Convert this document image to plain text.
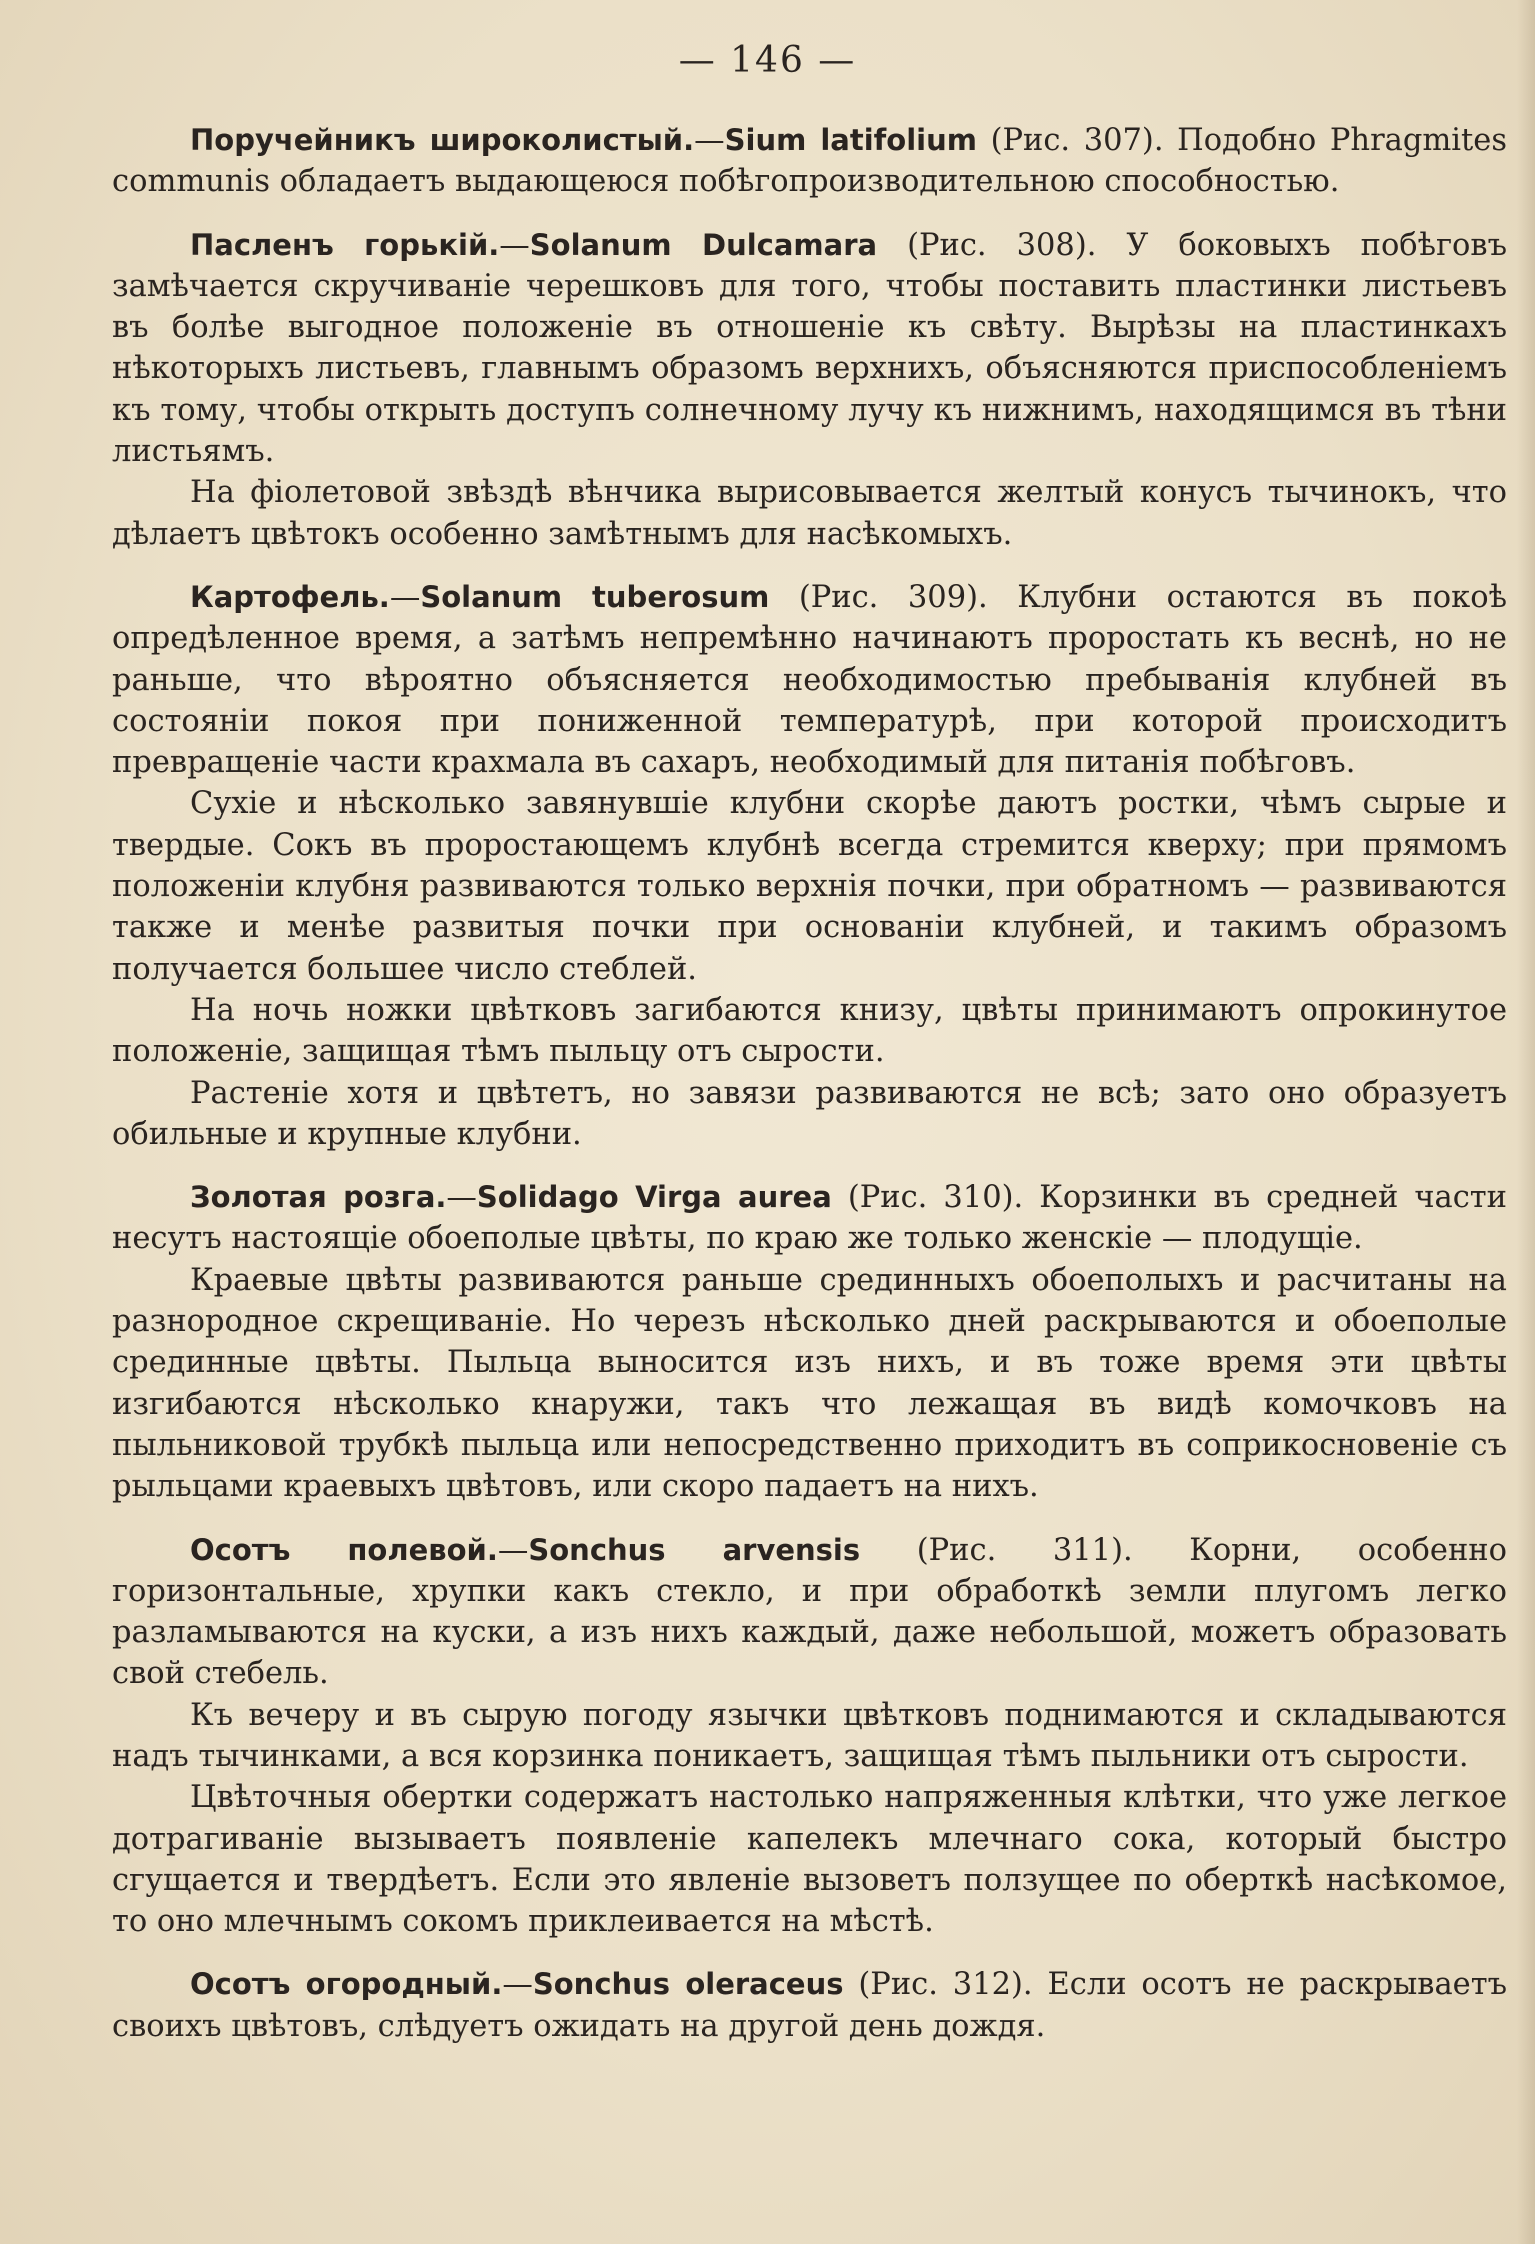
— 146 —

Поручейникъ широколистый.—Sium latifolium (Рис. 307). Подобно Phragmites communis обладаетъ выдающеюся побѣгопроизводительною способностью.

Пасленъ горькій.—Solanum Dulcamara (Рис. 308). У боковыхъ побѣговъ замѣчается скручиваніе черешковъ для того, чтобы поставить пластинки листьевъ въ болѣе выгодное положеніе въ отношеніе къ свѣту. Вырѣзы на пластинкахъ нѣкоторыхъ листьевъ, главнымъ образомъ верхнихъ, объясняются приспособленіемъ къ тому, чтобы открыть доступъ солнечному лучу къ нижнимъ, находящимся въ тѣни листьямъ.

На фіолетовой звѣздѣ вѣнчика вырисовывается желтый конусъ тычинокъ, что дѣлаетъ цвѣтокъ особенно замѣтнымъ для насѣкомыхъ.

Картофель.—Solanum tuberosum (Рис. 309). Клубни остаются въ покоѣ опредѣленное время, а затѣмъ непремѣнно начинаютъ проростать къ веснѣ, но не раньше, что вѣроятно объясняется необходимостью пребыванія клубней въ состояніи покоя при пониженной температурѣ, при которой происходитъ превращеніе части крахмала въ сахаръ, необходимый для питанія побѣговъ.

Сухіе и нѣсколько завянувшіе клубни скорѣе даютъ ростки, чѣмъ сырые и твердые. Сокъ въ проростающемъ клубнѣ всегда стремится кверху; при прямомъ положеніи клубня развиваются только верхнія почки, при обратномъ — развиваются также и менѣе развитыя почки при основаніи клубней, и такимъ образомъ получается большее число стеблей.

На ночь ножки цвѣтковъ загибаются книзу, цвѣты принимаютъ опрокинутое положеніе, защищая тѣмъ пыльцу отъ сырости.

Растеніе хотя и цвѣтетъ, но завязи развиваются не всѣ; зато оно образуетъ обильные и крупные клубни.

Золотая розга.—Solidago Virga aurea (Рис. 310). Корзинки въ средней части несутъ настоящіе обоеполые цвѣты, по краю же только женскіе — плодущіе.

Краевые цвѣты развиваются раньше срединныхъ обоеполыхъ и расчитаны на разнородное скрещиваніе. Но черезъ нѣсколько дней раскрываются и обоеполые срединные цвѣты. Пыльца выносится изъ нихъ, и въ тоже время эти цвѣты изгибаются нѣсколько кнаружи, такъ что лежащая въ видѣ комочковъ на пыльниковой трубкѣ пыльца или непосредственно приходитъ въ соприкосновеніе съ рыльцами краевыхъ цвѣтовъ, или скоро падаетъ на нихъ.

Осотъ полевой.—Sonchus arvensis (Рис. 311). Корни, особенно горизонтальные, хрупки какъ стекло, и при обработкѣ земли плугомъ легко разламываются на куски, а изъ нихъ каждый, даже небольшой, можетъ образовать свой стебель.

Къ вечеру и въ сырую погоду язычки цвѣтковъ поднимаются и складываются надъ тычинками, а вся корзинка поникаетъ, защищая тѣмъ пыльники отъ сырости.

Цвѣточныя обертки содержатъ настолько напряженныя клѣтки, что уже легкое дотрагиваніе вызываетъ появленіе капелекъ млечнаго сока, который быстро сгущается и твердѣетъ. Если это явленіе вызоветъ ползущее по оберткѣ насѣкомое, то оно млечнымъ сокомъ приклеивается на мѣстѣ.

Осотъ огородный.—Sonchus oleraceus (Рис. 312). Если осотъ не раскрываетъ своихъ цвѣтовъ, слѣдуетъ ожидать на другой день дождя.
